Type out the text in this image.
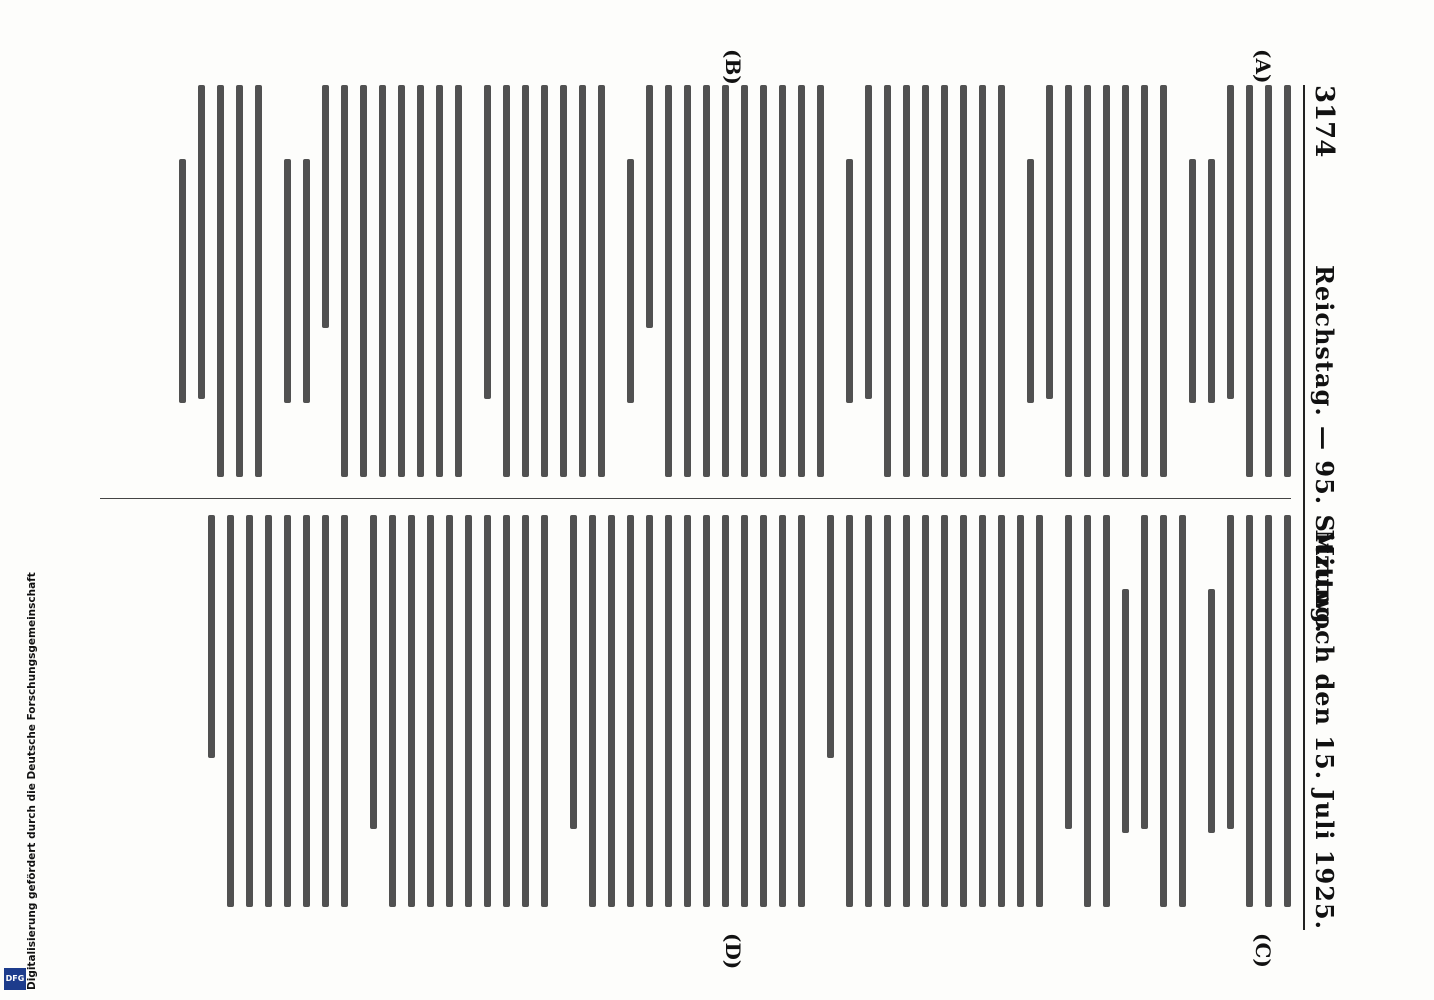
DFG Digitalisierung gefördert durch die Deutsche Forschungsgemeinschaft
3174
Reichstag. — 95. Sitzung.
Mittwoch den 15. Juli 1925.
(A)
(B)
(C)
(D)
